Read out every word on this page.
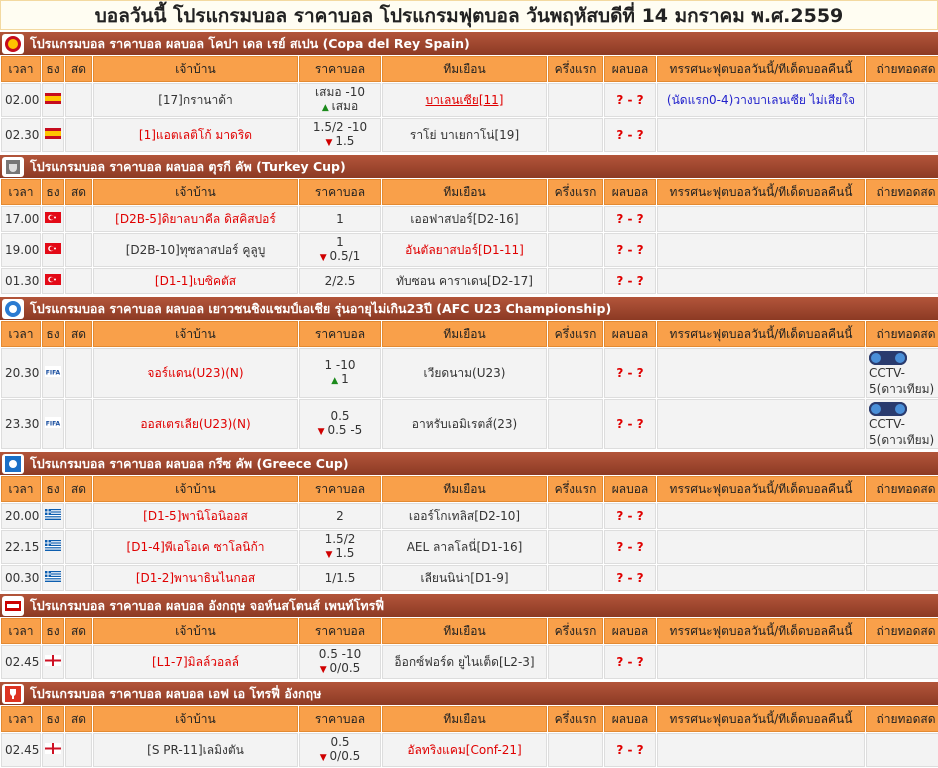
บอลวันนี้ โปรแกรมบอล ราคาบอล โปรแกรมฟุตบอล วันพฤหัสบดีที่ 14 มกราคม พ.ศ.2559
โปรแกรมบอล ราคาบอล ผลบอล โคปา เดล เรย์ สเปน (Copa del Rey Spain)
เวลา	ธง	สด	เจ้าบ้าน	ราคาบอล	ทีมเยือน	ครึ่งแรก	ผลบอล	ทรรศนะฟุตบอลวันนี้/ทีเด็ดบอลคืนนี้	ถ่ายทอดสด
02.00			[17]กรานาด้า	เสมอ -10
▲ เสมอ	บาเลนเซีย[11]		? - ?	(นัดแรก0-4)วางบาเลนเซีย ไม่เสียใจ	
02.30			[1]แอตเลติโก้ มาดริด	1.5/2 -10
▼ 1.5	ราโย่ บาเยกาโน่[19]		? - ?		
โปรแกรมบอล ราคาบอล ผลบอล ตุรกี คัพ (Turkey Cup)
เวลา	ธง	สด	เจ้าบ้าน	ราคาบอล	ทีมเยือน	ครึ่งแรก	ผลบอล	ทรรศนะฟุตบอลวันนี้/ทีเด็ดบอลคืนนี้	ถ่ายทอดสด
17.00			[D2B-5]ดิยาลบาคีล ดิสคิสปอร์	1	เออฟาสปอร์[D2-16]		? - ?		
19.00			[D2B-10]ทุซลาสปอร์ คูลูบู	1
▼ 0.5/1	อันตัลยาสปอร์[D1-11]		? - ?		
01.30			[D1-1]เบซิคตัส	2/2.5	ทับซอน คาราเดน[D2-17]		? - ?		
โปรแกรมบอล ราคาบอล ผลบอล เยาวชนชิงแชมป์เอเชีย รุ่นอายุไม่เกิน23ปี (AFC U23 Championship)
เวลา	ธง	สด	เจ้าบ้าน	ราคาบอล	ทีมเยือน	ครึ่งแรก	ผลบอล	ทรรศนะฟุตบอลวันนี้/ทีเด็ดบอลคืนนี้	ถ่ายทอดสด
20.30	FIFA		จอร์แดน(U23)(N)	1 -10
▲ 1	เวียดนาม(U23)		? - ?		CCTV-5(ดาวเทียม)
23.30	FIFA		ออสเตรเลีย(U23)(N)	0.5
▼ 0.5 -5	อาหรับเอมิเรตส์(23)		? - ?		CCTV-5(ดาวเทียม)
โปรแกรมบอล ราคาบอล ผลบอล กรีซ คัพ (Greece Cup)
เวลา	ธง	สด	เจ้าบ้าน	ราคาบอล	ทีมเยือน	ครึ่งแรก	ผลบอล	ทรรศนะฟุตบอลวันนี้/ทีเด็ดบอลคืนนี้	ถ่ายทอดสด
20.00			[D1-5]พานิโอนิออส	2	เออร์โกเทลิส[D2-10]		? - ?		
22.15			[D1-4]พีเอโอเค ซาโลนิก้า	1.5/2
▼ 1.5	AEL ลาลโลนี่[D1-16]		? - ?		
00.30			[D1-2]พานาธินไนกอส	1/1.5	เลียนนิน่า[D1-9]		? - ?		
โปรแกรมบอล ราคาบอล ผลบอล อังกฤษ จอห์นสโตนส์ เพนท์โทรฟี่
เวลา	ธง	สด	เจ้าบ้าน	ราคาบอล	ทีมเยือน	ครึ่งแรก	ผลบอล	ทรรศนะฟุตบอลวันนี้/ทีเด็ดบอลคืนนี้	ถ่ายทอดสด
02.45			[L1-7]มิลล์วอลล์	0.5 -10
▼ 0/0.5	อ็อกซ์ฟอร์ด ยูไนเต็ด[L2-3]		? - ?		
โปรแกรมบอล ราคาบอล ผลบอล เอฟ เอ โทรฟี่ อังกฤษ
เวลา	ธง	สด	เจ้าบ้าน	ราคาบอล	ทีมเยือน	ครึ่งแรก	ผลบอล	ทรรศนะฟุตบอลวันนี้/ทีเด็ดบอลคืนนี้	ถ่ายทอดสด
02.45			[S PR-11]เลมิงตัน	0.5
▼ 0/0.5	อัลทริงแคม[Conf-21]		? - ?		
